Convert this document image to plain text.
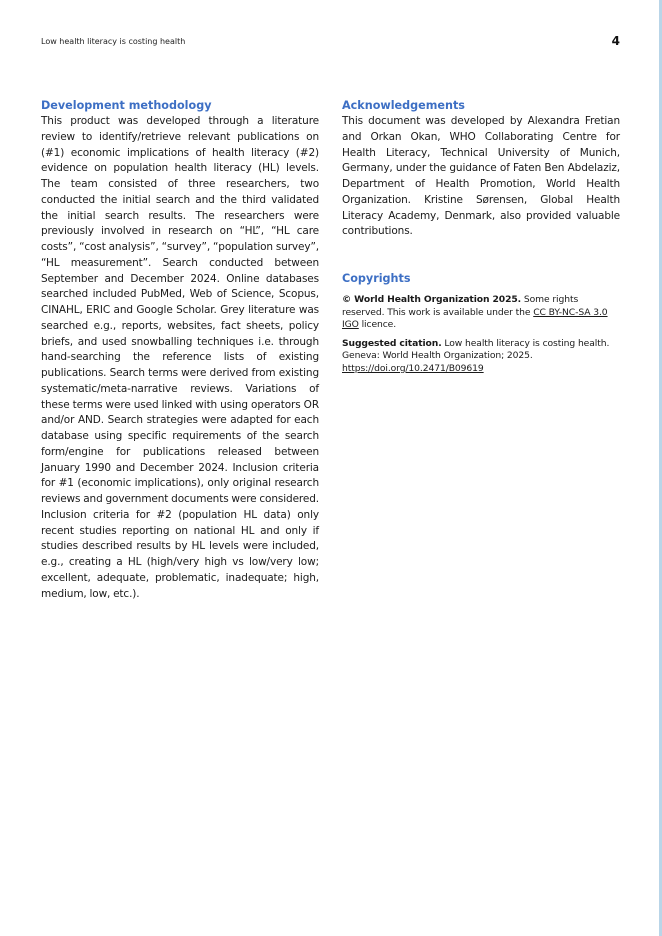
Low health literacy is costing health	4
Development methodology

This product was developed through a literature review to identify/retrieve relevant publications on (#1) economic implications of health literacy (#2) evidence on population health literacy (HL) levels. The team consisted of three researchers, two conducted the initial search and the third validated the initial search results. The researchers were previously involved in research on “HL”, “HL care costs”, “cost analysis”, “survey”, “population survey”, “HL measurement”. Search conducted between September and December 2024. Online databases searched included PubMed, Web of Science, Scopus, CINAHL, ERIC and Google Scholar. Grey literature was searched e.g., reports, websites, fact sheets, policy briefs, and used snowballing techniques i.e. through hand-searching the reference lists of existing publications. Search terms were derived from existing systematic/meta-narrative reviews. Variations of these terms were used linked with using operators OR and/or AND. Search strategies were adapted for each database using specific requirements of the search form/engine for publications released between January 1990 and December 2024. Inclusion criteria for #1 (economic implications), only original research reviews and government documents were considered. Inclusion criteria for #2 (population HL data) only recent studies reporting on national HL and only if studies described results by HL levels were included, e.g., creating a HL (high/very high vs low/very low; excellent, adequate, problematic, inadequate; high, medium, low, etc.).

Acknowledgements

This document was developed by Alexandra Fretian and Orkan Okan, WHO Collaborating Centre for Health Literacy, Technical University of Munich, Germany, under the guidance of Faten Ben Abdelaziz, Department of Health Promotion, World Health Organization. Kristine Sørensen, Global Health Literacy Academy, Denmark, also provided valuable contributions.

Copyrights

© World Health Organization 2025. Some rights reserved. This work is available under the CC BY-NC-SA 3.0 IGO licence.

Suggested citation. Low health literacy is costing health. Geneva: World Health Organization; 2025.
https://doi.org/10.2471/B09619
